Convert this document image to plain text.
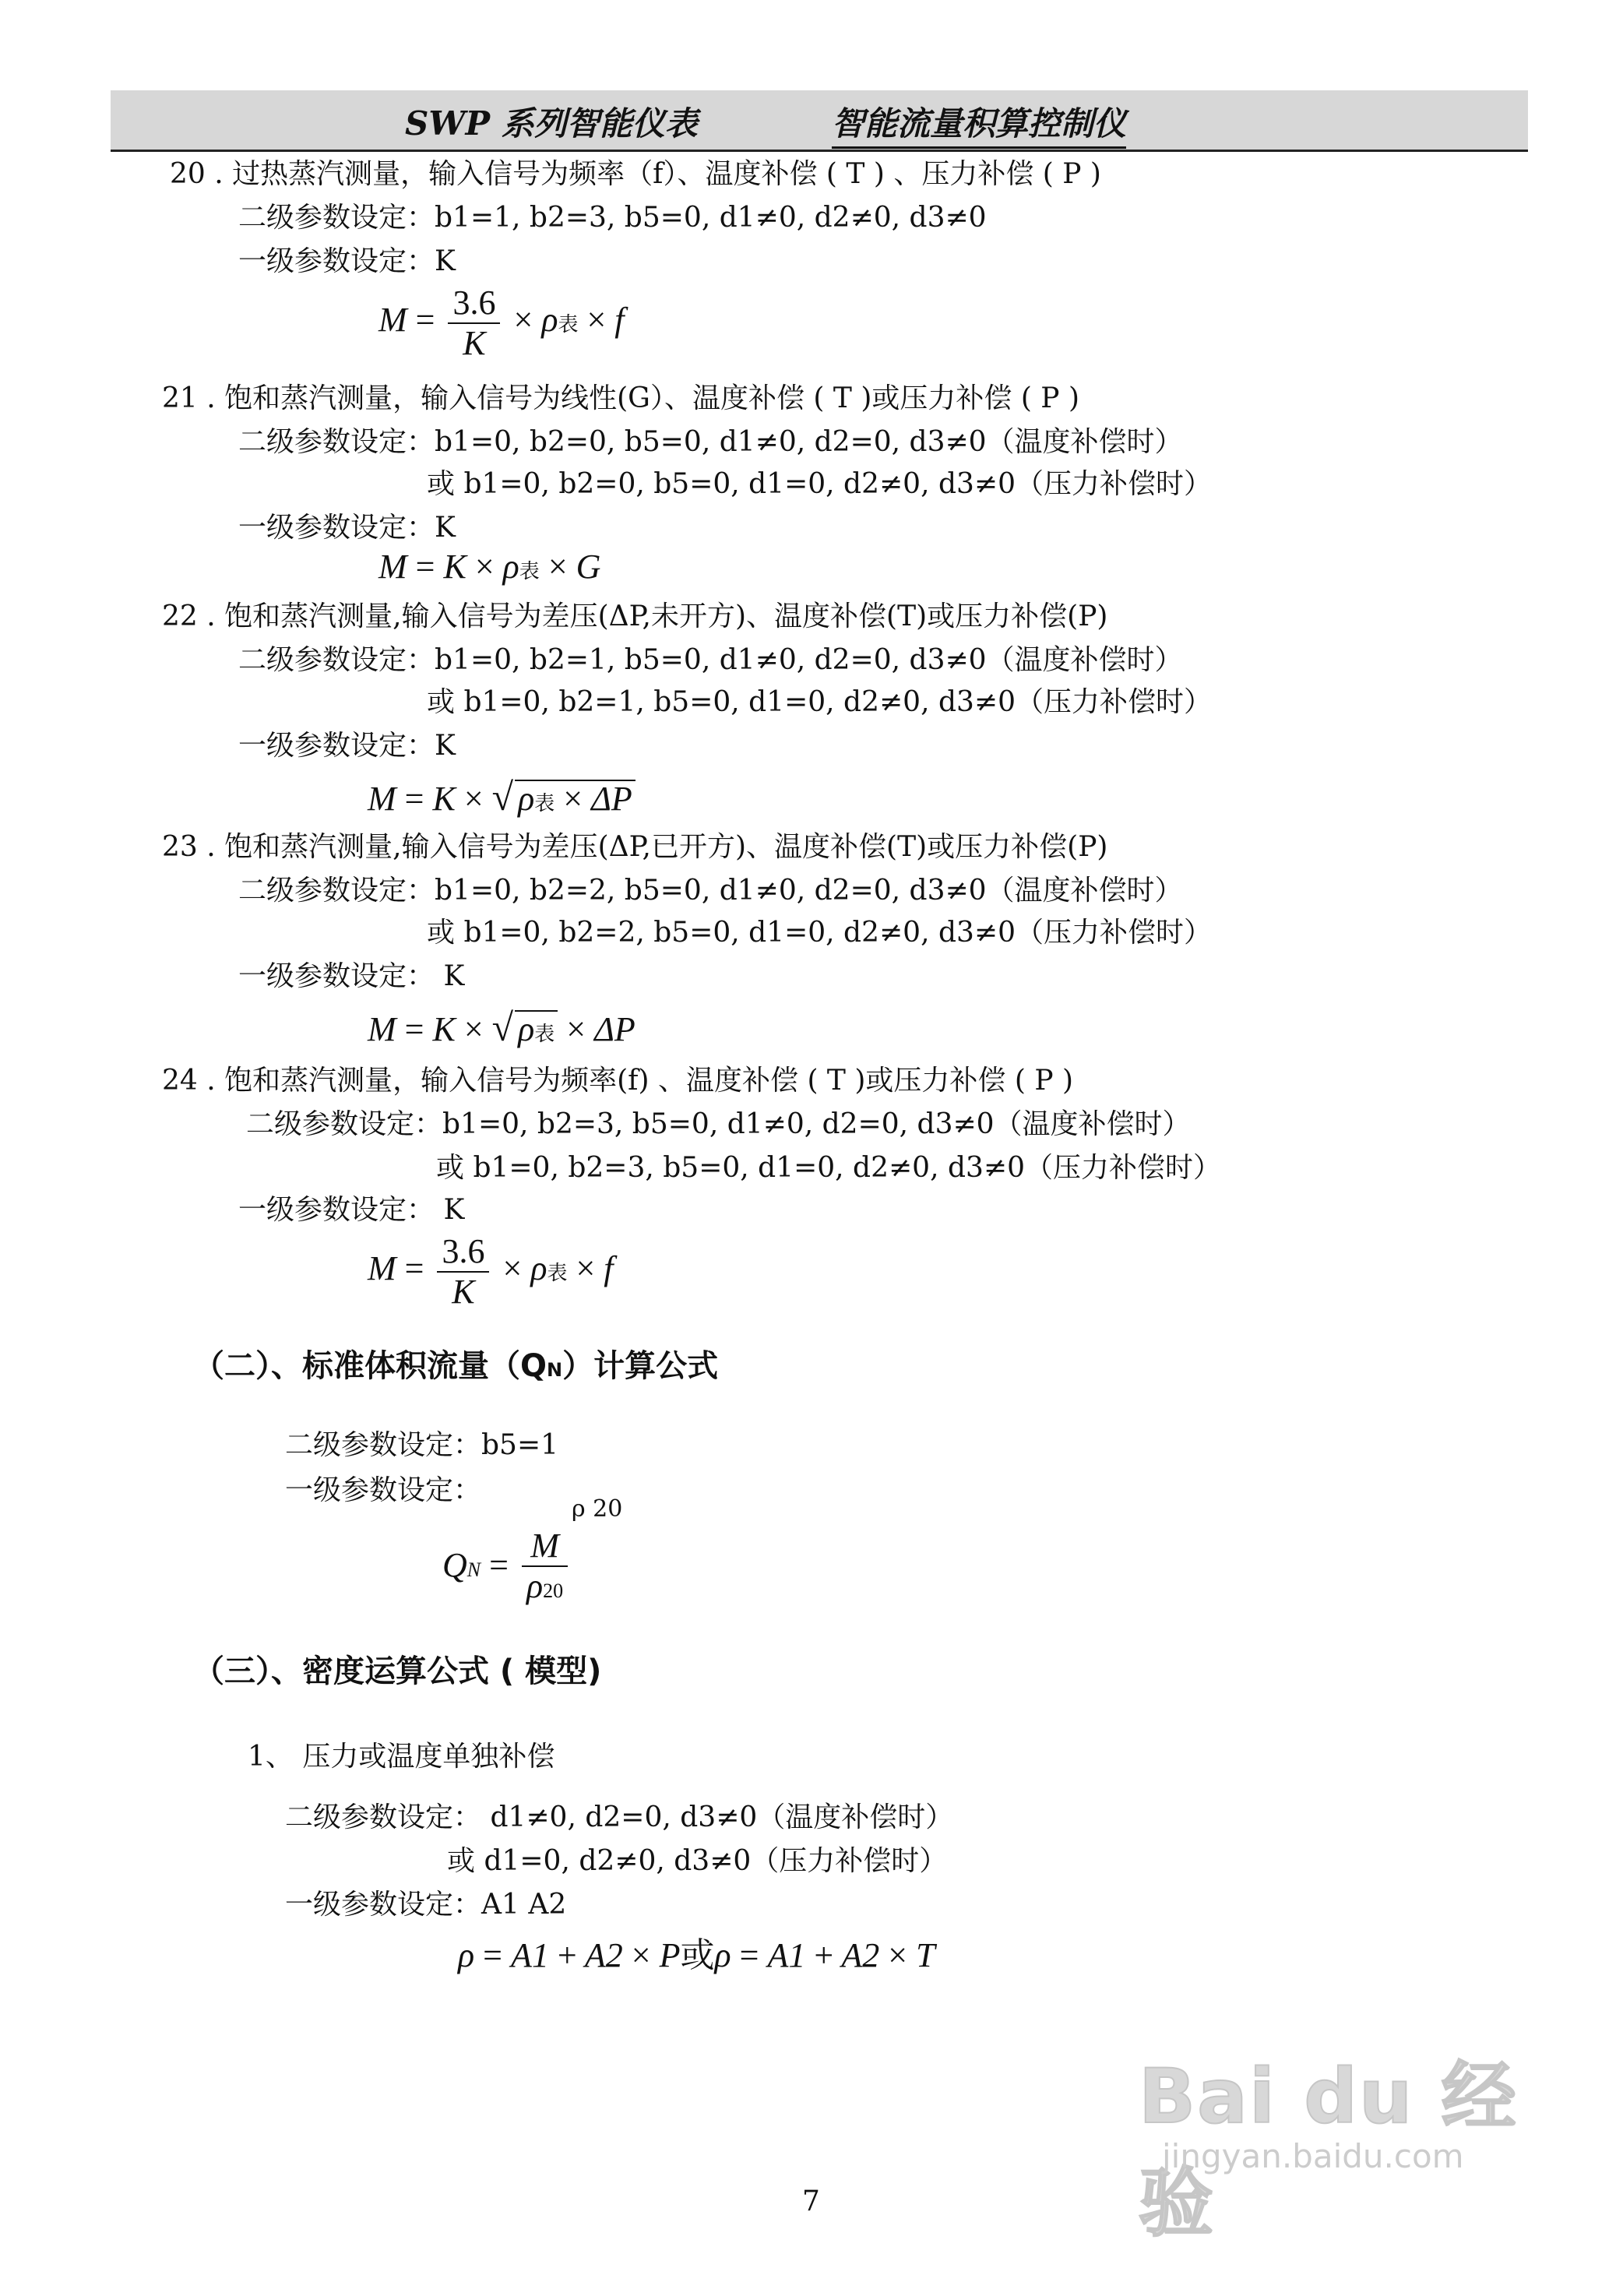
SWP 系列智能仪表	智能流量积算控制仪
20 . 过热蒸汽测量，输入信号为频率（f）、温度补偿 ( T ) 、压力补偿 ( P )
二级参数设定：b1=1, b2=3, b5=0, d1≠0, d2≠0, d3≠0
一级参数设定：K
$M = \frac{3.6}{K} \times \rho$表 × f
21 . 饱和蒸汽测量，输入信号为线性(G）、温度补偿 ( T )或压力补偿 ( P )
二级参数设定：b1=0, b2=0, b5=0, d1≠0, d2=0, d3≠0（温度补偿时）
或 b1=0, b2=0, b5=0, d1=0, d2≠0, d3≠0（压力补偿时）
一级参数设定：K
M = K × ρ表 × G
22 . 饱和蒸汽测量,输入信号为差压(ΔP,未开方)、温度补偿(T)或压力补偿(P)
二级参数设定：b1=0, b2=1, b5=0, d1≠0, d2=0, d3≠0（温度补偿时）
或 b1=0, b2=1, b5=0, d1=0, d2≠0, d3≠0（压力补偿时）
一级参数设定：K
M = K × √ ρ表 × ΔP
23 . 饱和蒸汽测量,输入信号为差压(ΔP,已开方)、温度补偿(T)或压力补偿(P)
二级参数设定：b1=0, b2=2, b5=0, d1≠0, d2=0, d3≠0（温度补偿时）
或 b1=0, b2=2, b5=0, d1=0, d2≠0, d3≠0（压力补偿时）
一级参数设定： K
M = K × √ ρ表 × ΔP
24 . 饱和蒸汽测量，输入信号为频率(f) 、温度补偿 ( T )或压力补偿 ( P )
二级参数设定：b1=0, b2=3, b5=0, d1≠0, d2=0, d3≠0（温度补偿时）
或 b1=0, b2=3, b5=0, d1=0, d2≠0, d3≠0（压力补偿时）
一级参数设定： K
$M = \frac{3.6}{K} \times \rho$表 × f
（二）、标准体积流量（QN）计算公式
二级参数设定：b5=1
一级参数设定：
ρ 20
QN = $\frac{M}{\rho 20}$
（三）、密度运算公式 ( 模型)
1、 压力或温度单独补偿
二级参数设定： d1≠0, d2=0, d3≠0（温度补偿时）
或 d1=0, d2≠0, d3≠0（压力补偿时）
一级参数设定：A1 A2
ρ = A1 + A2 × P或ρ = A1 + A2 × T
7
Bai du 经验
jingyan.baidu.com
